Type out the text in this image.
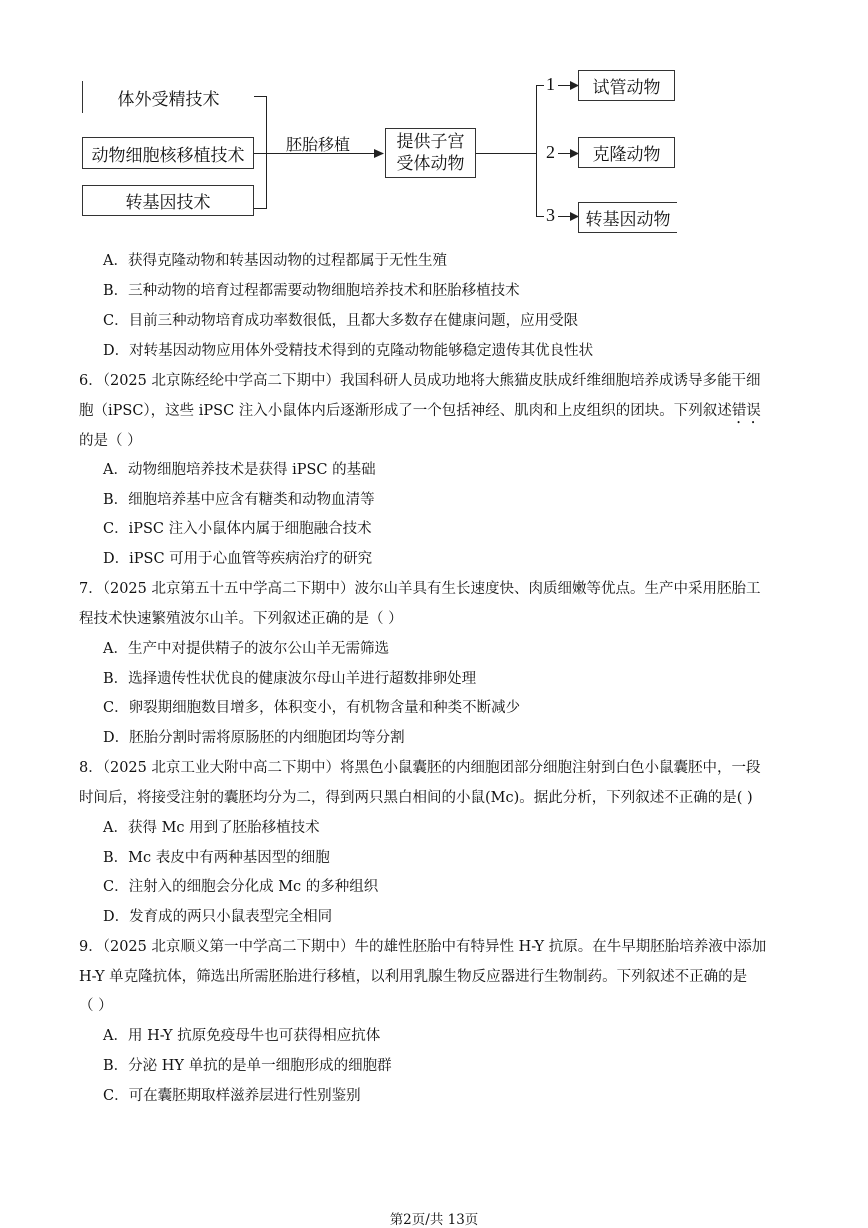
体外受精技术
动物细胞核移植技术
转基因技术
胚胎移植	提供子宫
受体动物
1
2
3
试管动物
克隆动物
转基因动物
A．获得克隆动物和转基因动物的过程都属于无性生殖
B．三种动物的培育过程都需要动物细胞培养技术和胚胎移植技术
C．目前三种动物培育成功率数很低，且都大多数存在健康问题，应用受限
D．对转基因动物应用体外受精技术得到的克隆动物能够稳定遗传其优良性状
6．（2025 北京陈经纶中学高二下期中）我国科研人员成功地将大熊猫皮肤成纤维细胞培养成诱导多能干细
胞（iPSC），这些 iPSC 注入小鼠体内后逐渐形成了一个包括神经、肌肉和上皮组织的团块。下列叙述错误
的是（ ）
A．动物细胞培养技术是获得 iPSC 的基础
B．细胞培养基中应含有糖类和动物血清等
C．iPSC 注入小鼠体内属于细胞融合技术
D．iPSC 可用于心血管等疾病治疗的研究
7．（2025 北京第五十五中学高二下期中）波尔山羊具有生长速度快、肉质细嫩等优点。生产中采用胚胎工
程技术快速繁殖波尔山羊。下列叙述正确的是（ ）
A．生产中对提供精子的波尔公山羊无需筛选
B．选择遗传性状优良的健康波尔母山羊进行超数排卵处理
C．卵裂期细胞数目增多，体积变小，有机物含量和种类不断减少
D．胚胎分割时需将原肠胚的内细胞团均等分割
8．（2025 北京工业大附中高二下期中）将黑色小鼠囊胚的内细胞团部分细胞注射到白色小鼠囊胚中，一段
时间后，将接受注射的囊胚均分为二，得到两只黑白相间的小鼠(Mc)。据此分析，下列叙述不正确的是( )
A．获得 Mc 用到了胚胎移植技术
B．Mc 表皮中有两种基因型的细胞
C．注射入的细胞会分化成 Mc 的多种组织
D．发育成的两只小鼠表型完全相同
9．（2025 北京顺义第一中学高二下期中）牛的雄性胚胎中有特异性 H-Y 抗原。在牛早期胚胎培养液中添加
H-Y 单克隆抗体，筛选出所需胚胎进行移植，以利用乳腺生物反应器进行生物制药。下列叙述不正确的是
（ ）
A．用 H-Y 抗原免疫母牛也可获得相应抗体
B．分泌 HY 单抗的是单一细胞形成的细胞群
C．可在囊胚期取样滋养层进行性别鉴别
第2页/共 13页
